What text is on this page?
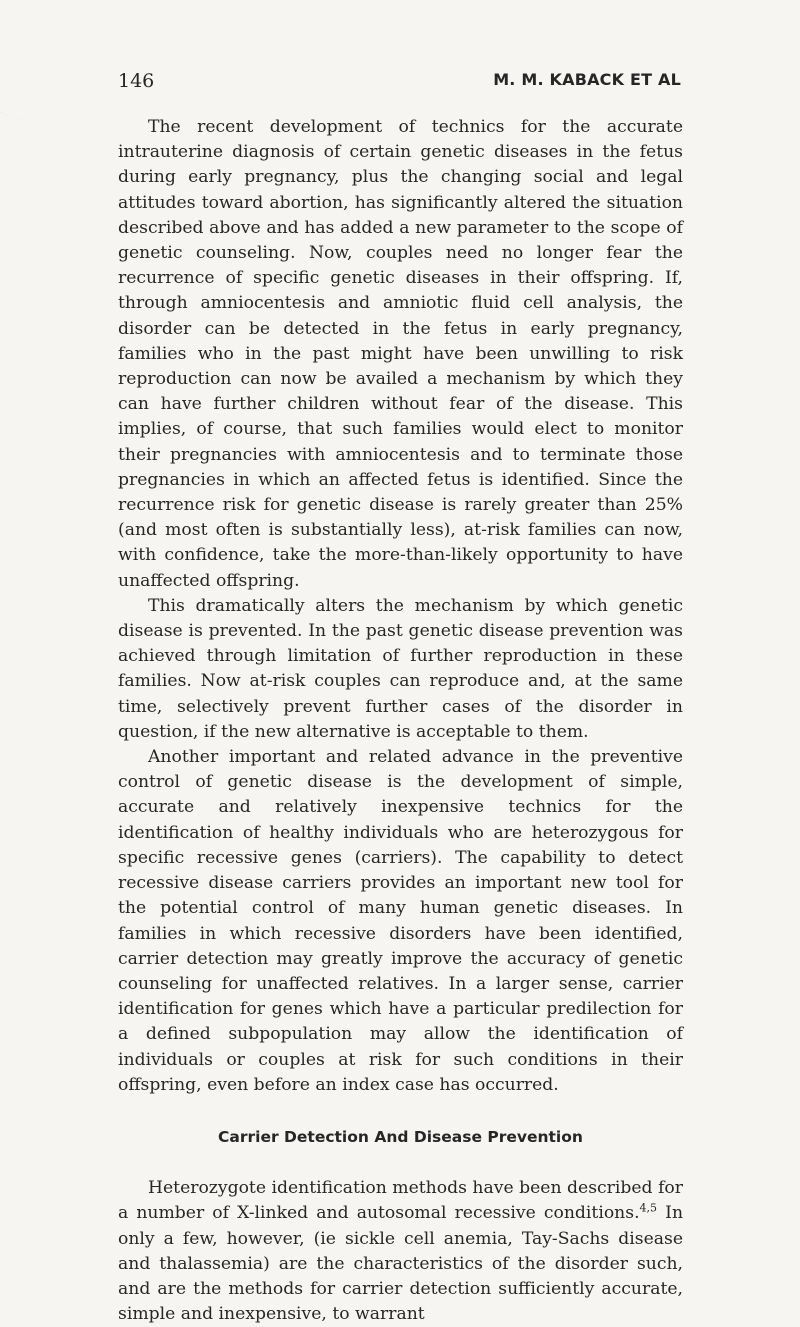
146	M. M. KABACK ET AL

The recent development of technics for the accurate intrauterine diagnosis of certain genetic diseases in the fetus during early pregnancy, plus the changing social and legal attitudes toward abortion, has significantly altered the situation described above and has added a new parameter to the scope of genetic counseling. Now, couples need no longer fear the recurrence of specific genetic diseases in their offspring. If, through amniocentesis and amniotic fluid cell analysis, the disorder can be detected in the fetus in early pregnancy, families who in the past might have been unwilling to risk reproduction can now be availed a mechanism by which they can have further children without fear of the disease. This implies, of course, that such families would elect to monitor their pregnancies with amniocentesis and to terminate those pregnancies in which an affected fetus is identified. Since the recurrence risk for genetic disease is rarely greater than 25% (and most often is substantially less), at-risk families can now, with confidence, take the more-than-likely opportunity to have unaffected offspring.

This dramatically alters the mechanism by which genetic disease is prevented. In the past genetic disease prevention was achieved through limitation of further reproduction in these families. Now at-risk couples can reproduce and, at the same time, selectively prevent further cases of the disorder in question, if the new alternative is acceptable to them.

Another important and related advance in the preventive control of genetic disease is the development of simple, accurate and relatively inexpensive technics for the identification of healthy individuals who are heterozygous for specific recessive genes (carriers). The capability to detect recessive disease carriers provides an important new tool for the potential control of many human genetic diseases. In families in which recessive disorders have been identified, carrier detection may greatly improve the accuracy of genetic counseling for unaffected relatives. In a larger sense, carrier identification for genes which have a particular predilection for a defined subpopulation may allow the identification of individuals or couples at risk for such conditions in their offspring, even before an index case has occurred.

Carrier Detection And Disease Prevention

Heterozygote identification methods have been described for a number of X-linked and autosomal recessive conditions.$^{4,5}$ In only a few, however, (ie sickle cell anemia, Tay-Sachs disease and thalassemia) are the characteristics of the disorder such, and are the methods for carrier detection sufficiently accurate, simple and inexpensive, to warrant
